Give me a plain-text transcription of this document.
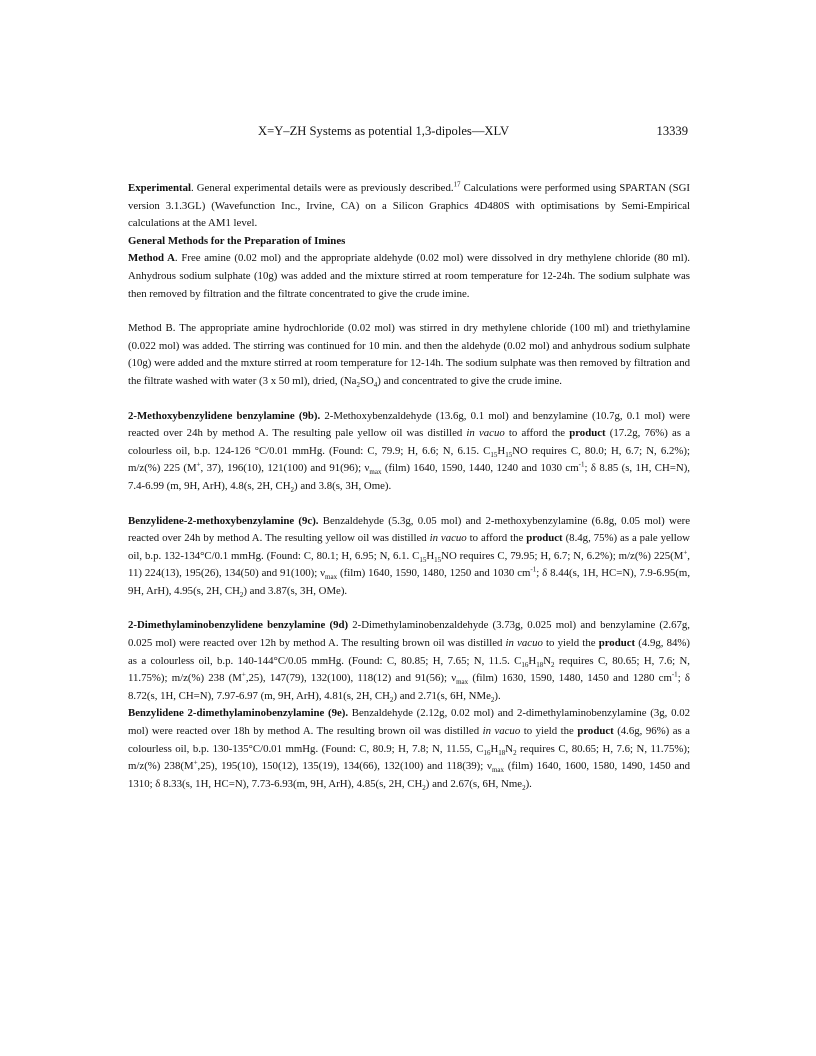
X=Y–ZH Systems as potential 1,3-dipoles—XLV	13339

Experimental. General experimental details were as previously described.$^{17}$ Calculations were performed using SPARTAN (SGI version 3.1.3GL) (Wavefunction Inc., Irvine, CA) on a Silicon Graphics 4D480S with optimisations by Semi-Empirical calculations at the AM1 level.

General Methods for the Preparation of Imines

Method A. Free amine (0.02 mol) and the appropriate aldehyde (0.02 mol) were dissolved in dry methylene chloride (80 ml). Anhydrous sodium sulphate (10g) was added and the mixture stirred at room temperature for 12-24h. The sodium sulphate was then removed by filtration and the filtrate concentrated to give the crude imine.

Method B. The appropriate amine hydrochloride (0.02 mol) was stirred in dry methylene chloride (100 ml) and triethylamine (0.022 mol) was added. The stirring was continued for 10 min. and then the aldehyde (0.02 mol) and anhydrous sodium sulphate (10g) were added and the mxture stirred at room temperature for 12-14h. The sodium sulphate was then removed by filtration and the filtrate washed with water (3 x 50 ml), dried, $(Na_2SO_4)$ and concentrated to give the crude imine.

2-Methoxybenzylidene benzylamine (9b). 2-Methoxybenzaldehyde (13.6g, 0.1 mol) and benzylamine (10.7g, 0.1 mol) were reacted over 24h by method A. The resulting pale yellow oil was distilled in vacuo to afford the product (17.2g, 76%) as a colourless oil, b.p. 124-126 °C/0.01 mmHg. (Found: C, 79.9; H, 6.6; N, 6.15. $C_{15}H_{15}NO$ requires C, 80.0; H, 6.7; N, 6.2%); m/z(%) 225 (M+, 37), 196(10), 121(100) and 91(96); $\nu_{max}$ (film) 1640, 1590, 1440, 1240 and 1030 $cm^{-1}$; δ 8.85 (s, 1H, CH=N), 7.4-6.99 (m, 9H, ArH), 4.8(s, 2H, $CH_2$) and 3.8(s, 3H, Ome).

Benzylidene-2-methoxybenzylamine (9c). Benzaldehyde (5.3g, 0.05 mol) and 2-methoxybenzylamine (6.8g, 0.05 mol) were reacted over 24h by method A. The resulting yellow oil was distilled in vacuo to afford the product (8.4g, 75%) as a pale yellow oil, b.p. 132-134°C/0.1 mmHg. (Found: C, 80.1; H, 6.95; N, 6.1. $C_{15}H_{15}NO$ requires C, 79.95; H, 6.7; N, 6.2%); m/z(%) 225(M+, 11) 224(13), 195(26), 134(50) and 91(100); $\nu_{max}$ (film) 1640, 1590, 1480, 1250 and 1030 $cm^{-1}$; δ 8.44(s, 1H, HC=N), 7.9-6.95(m, 9H, ArH), 4.95(s, 2H, $CH_2$) and 3.87(s, 3H, OMe).

2-Dimethylaminobenzylidene benzylamine (9d) 2-Dimethylaminobenzaldehyde (3.73g, 0.025 mol) and benzylamine (2.67g, 0.025 mol) were reacted over 12h by method A. The resulting brown oil was distilled in vacuo to yield the product (4.9g, 84%) as a colourless oil, b.p. 140-144°C/0.05 mmHg. (Found: C, 80.85; H, 7.65; N, 11.5. $C_{16}H_{18}N_2$ requires C, 80.65; H, 7.6; N, 11.75%); m/z(%) 238 (M+,25), 147(79), 132(100), 118(12) and 91(56); $\nu_{max}$ (film) 1630, 1590, 1480, 1450 and 1280 $cm^{-1}$; δ 8.72(s, 1H, CH=N), 7.97-6.97 (m, 9H, ArH), 4.81(s, 2H, $CH_2$) and 2.71(s, 6H, NMe$_2$).

Benzylidene 2-dimethylaminobenzylamine (9e). Benzaldehyde (2.12g, 0.02 mol) and 2-dimethylaminobenzylamine (3g, 0.02 mol) were reacted over 18h by method A. The resulting brown oil was distilled in vacuo to yield the product (4.6g, 96%) as a colourless oil, b.p. 130-135°C/0.01 mmHg. (Found: C, 80.9; H, 7.8; N, 11.55, $C_{16}H_{18}N_2$ requires C, 80.65; H, 7.6; N, 11.75%); m/z(%) 238(M+,25), 195(10), 150(12), 135(19), 134(66), 132(100) and 118(39); $\nu_{max}$ (film) 1640, 1600, 1580, 1490, 1450 and 1310; δ 8.33(s, 1H, HC=N), 7.73-6.93(m, 9H, ArH), 4.85(s, 2H, $CH_2$) and 2.67(s, 6H, Nme$_2$).
